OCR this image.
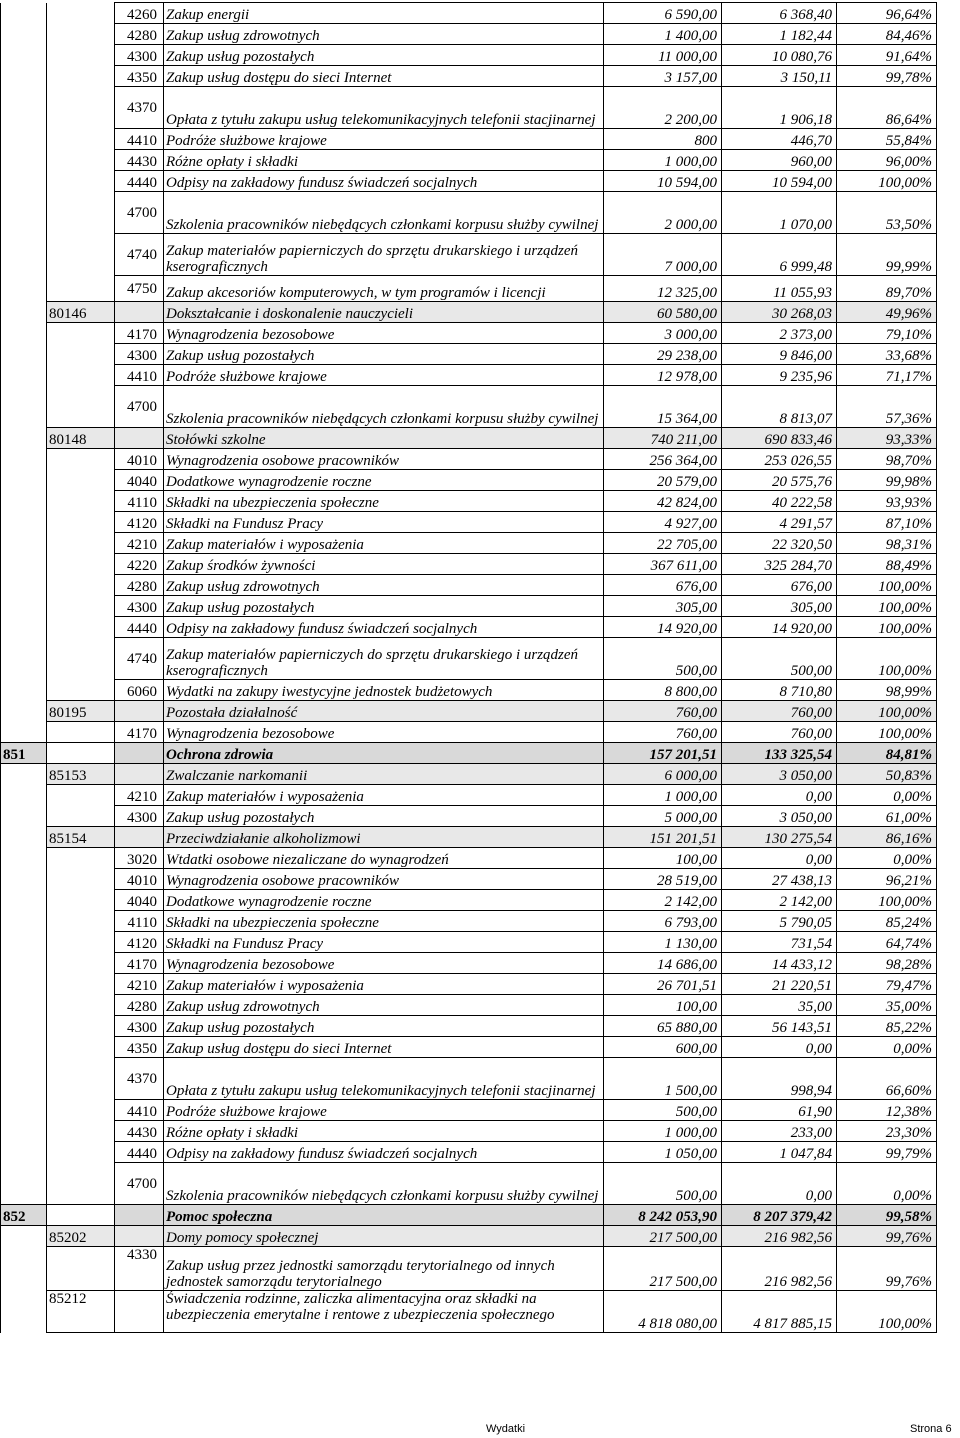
		4260	Zakup energii	6 590,00	6 368,40	96,64%
		4280	Zakup usług zdrowotnych	1 400,00	1 182,44	84,46%
		4300	Zakup usług pozostałych	11 000,00	10 080,76	91,64%
		4350	Zakup usług dostępu do sieci Internet	3 157,00	3 150,11	99,78%
		4370	Opłata z tytułu zakupu usług telekomunikacyjnych telefonii stacjinarnej	2 200,00	1 906,18	86,64%
		4410	Podróże służbowe krajowe	800	446,70	55,84%
		4430	Różne opłaty i składki	1 000,00	960,00	96,00%
		4440	Odpisy na zakładowy fundusz świadczeń socjalnych	10 594,00	10 594,00	100,00%
		4700	Szkolenia pracowników niebędących członkami korpusu służby cywilnej	2 000,00	1 070,00	53,50%
		4740	Zakup materiałów papierniczych do sprzętu drukarskiego i urządzeń kserograficznych	7 000,00	6 999,48	99,99%
		4750	Zakup akcesoriów komputerowych, w tym programów i licencji	12 325,00	11 055,93	89,70%
	80146		Dokształcanie i doskonalenie nauczycieli	60 580,00	30 268,03	49,96%
		4170	Wynagrodzenia bezosobowe	3 000,00	2 373,00	79,10%
		4300	Zakup usług pozostałych	29 238,00	9 846,00	33,68%
		4410	Podróże służbowe krajowe	12 978,00	9 235,96	71,17%
		4700	Szkolenia pracowników niebędących członkami korpusu służby cywilnej	15 364,00	8 813,07	57,36%
	80148		Stołówki szkolne	740 211,00	690 833,46	93,33%
		4010	Wynagrodzenia osobowe pracowników	256 364,00	253 026,55	98,70%
		4040	Dodatkowe wynagrodzenie roczne	20 579,00	20 575,76	99,98%
		4110	Składki na ubezpieczenia społeczne	42 824,00	40 222,58	93,93%
		4120	Składki na Fundusz Pracy	4 927,00	4 291,57	87,10%
		4210	Zakup materiałów i wyposażenia	22 705,00	22 320,50	98,31%
		4220	Zakup środków żywności	367 611,00	325 284,70	88,49%
		4280	Zakup usług zdrowotnych	676,00	676,00	100,00%
		4300	Zakup usług pozostałych	305,00	305,00	100,00%
		4440	Odpisy na zakładowy fundusz świadczeń socjalnych	14 920,00	14 920,00	100,00%
		4740	Zakup materiałów papierniczych do sprzętu drukarskiego i urządzeń kserograficznych	500,00	500,00	100,00%
		6060	Wydatki na zakupy iwestycyjne jednostek budżetowych	8 800,00	8 710,80	98,99%
	80195		Pozostała działalność	760,00	760,00	100,00%
		4170	Wynagrodzenia bezosobowe	760,00	760,00	100,00%
851			Ochrona zdrowia	157 201,51	133 325,54	84,81%
	85153		Zwalczanie narkomanii	6 000,00	3 050,00	50,83%
		4210	Zakup materiałów i wyposażenia	1 000,00	0,00	0,00%
		4300	Zakup usług pozostałych	5 000,00	3 050,00	61,00%
	85154		Przeciwdziałanie alkoholizmowi	151 201,51	130 275,54	86,16%
		3020	Wtdatki osobowe niezaliczane do wynagrodzeń	100,00	0,00	0,00%
		4010	Wynagrodzenia osobowe pracowników	28 519,00	27 438,13	96,21%
		4040	Dodatkowe wynagrodzenie roczne	2 142,00	2 142,00	100,00%
		4110	Składki na ubezpieczenia społeczne	6 793,00	5 790,05	85,24%
		4120	Składki na Fundusz Pracy	1 130,00	731,54	64,74%
		4170	Wynagrodzenia bezosobowe	14 686,00	14 433,12	98,28%
		4210	Zakup materiałów i wyposażenia	26 701,51	21 220,51	79,47%
		4280	Zakup usług zdrowotnych	100,00	35,00	35,00%
		4300	Zakup usług pozostałych	65 880,00	56 143,51	85,22%
		4350	Zakup usług dostępu do sieci Internet	600,00	0,00	0,00%
		4370	Opłata z tytułu zakupu usług telekomunikacyjnych telefonii stacjinarnej	1 500,00	998,94	66,60%
		4410	Podróże służbowe krajowe	500,00	61,90	12,38%
		4430	Różne opłaty i składki	1 000,00	233,00	23,30%
		4440	Odpisy na zakładowy fundusz świadczeń socjalnych	1 050,00	1 047,84	99,79%
		4700	Szkolenia pracowników niebędących członkami korpusu służby cywilnej	500,00	0,00	0,00%
852			Pomoc społeczna	8 242 053,90	8 207 379,42	99,58%
	85202		Domy pomocy społecznej	217 500,00	216 982,56	99,76%
		4330	Zakup usług przez jednostki samorządu terytorialnego od innych jednostek samorządu terytorialnego	217 500,00	216 982,56	99,76%
	85212		Świadczenia rodzinne, zaliczka alimentacyjna oraz składki na ubezpieczenia emerytalne i rentowe z ubezpieczenia społecznego	4 818 080,00	4 817 885,15	100,00%
Wydatki	Strona 6
